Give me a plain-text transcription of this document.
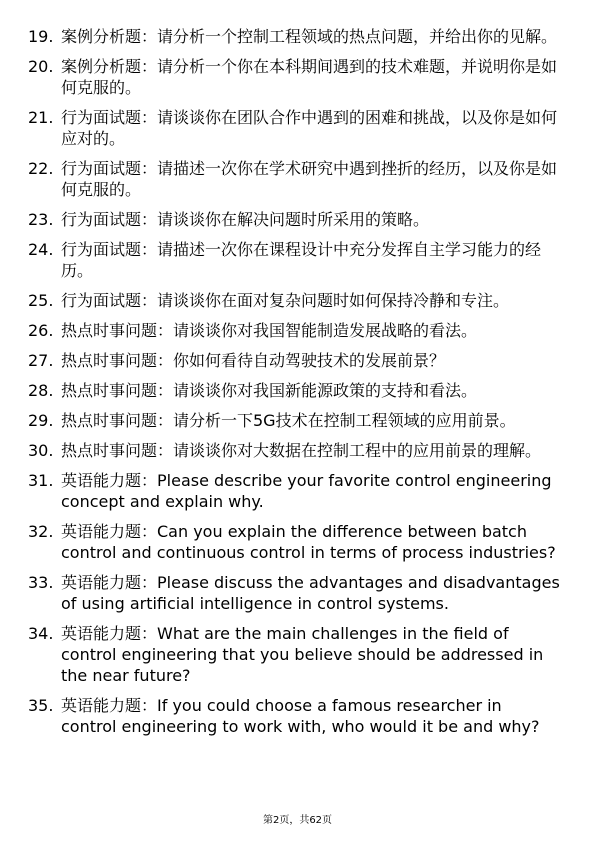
19. 案例分析题：请分析一个控制工程领域的热点问题，并给出你的见解。
20. 案例分析题：请分析一个你在本科期间遇到的技术难题，并说明你是如何克服的。
21. 行为面试题：请谈谈你在团队合作中遇到的困难和挑战，以及你是如何应对的。
22. 行为面试题：请描述一次你在学术研究中遇到挫折的经历，以及你是如何克服的。
23. 行为面试题：请谈谈你在解决问题时所采用的策略。
24. 行为面试题：请描述一次你在课程设计中充分发挥自主学习能力的经历。
25. 行为面试题：请谈谈你在面对复杂问题时如何保持冷静和专注。
26. 热点时事问题：请谈谈你对我国智能制造发展战略的看法。
27. 热点时事问题：你如何看待自动驾驶技术的发展前景？
28. 热点时事问题：请谈谈你对我国新能源政策的支持和看法。
29. 热点时事问题：请分析一下5G技术在控制工程领域的应用前景。
30. 热点时事问题：请谈谈你对大数据在控制工程中的应用前景的理解。
31. 英语能力题：Please describe your favorite control engineering concept and explain why.
32. 英语能力题：Can you explain the difference between batch control and continuous control in terms of process industries?
33. 英语能力题：Please discuss the advantages and disadvantages of using artificial intelligence in control systems.
34. 英语能力题：What are the main challenges in the field of control engineering that you believe should be addressed in the near future?
35. 英语能力题：If you could choose a famous researcher in control engineering to work with, who would it be and why?
第2页，共62页
